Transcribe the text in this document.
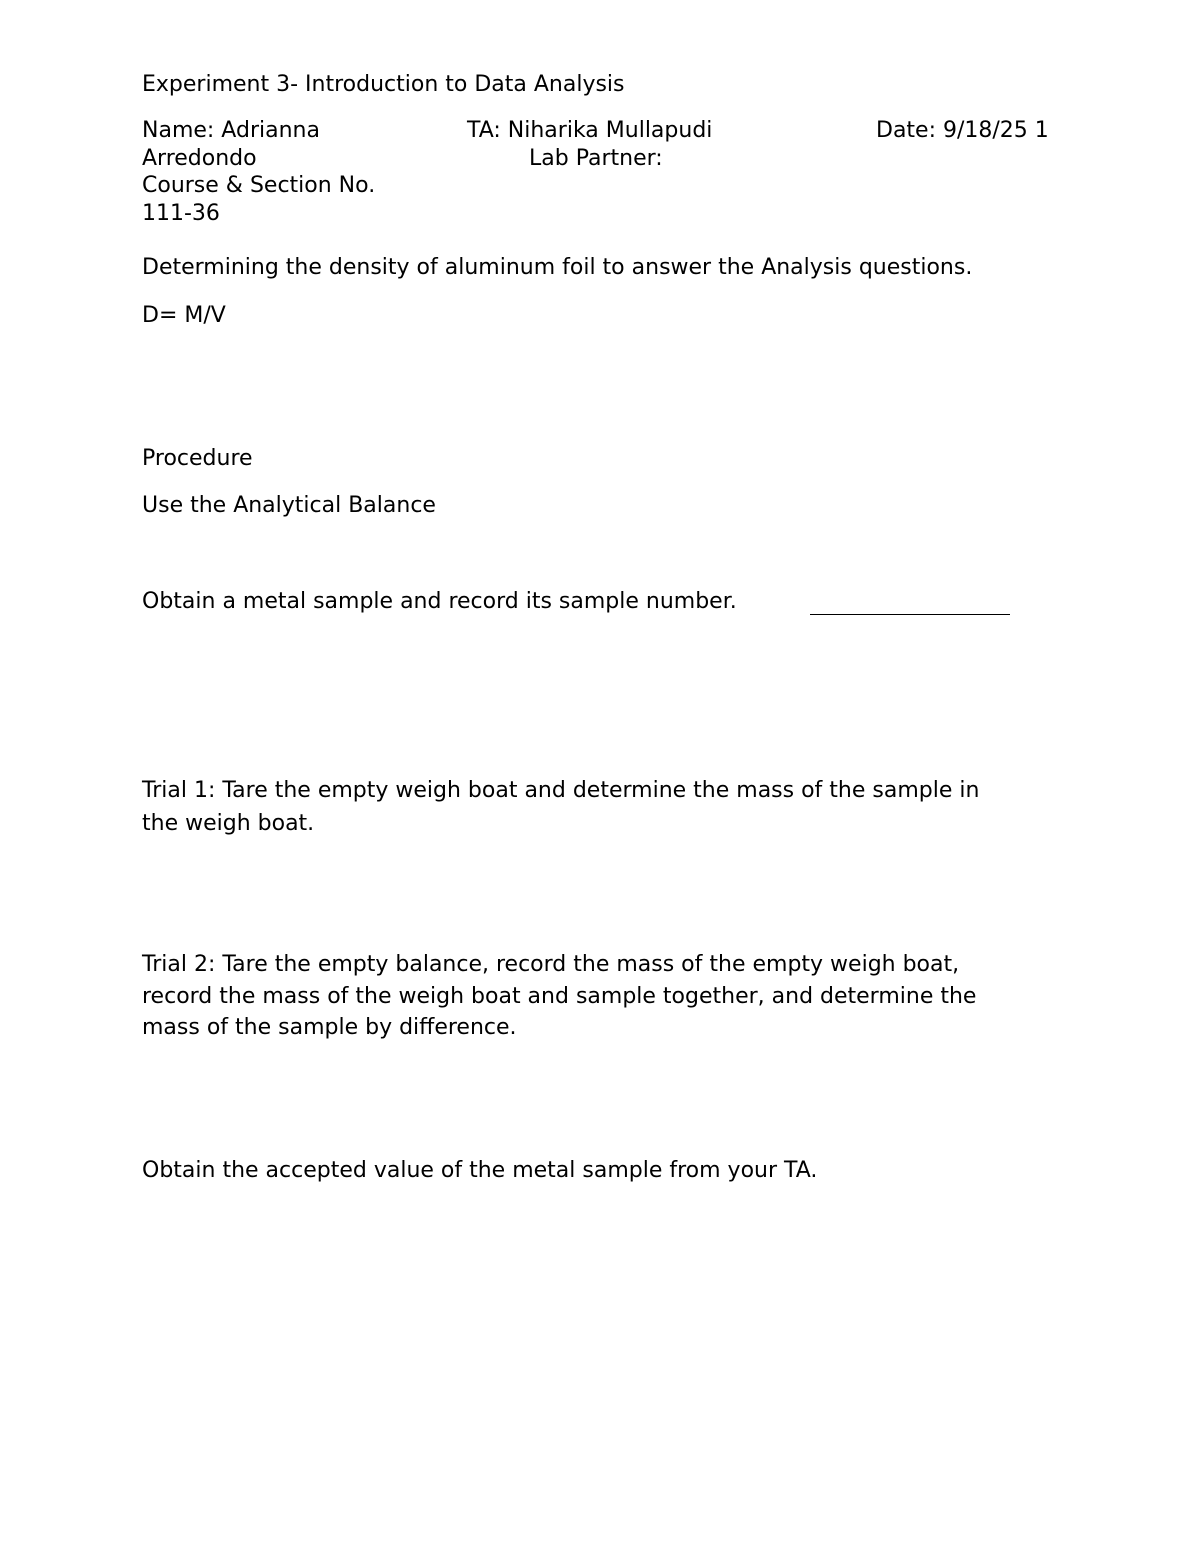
Experiment 3- Introduction to Data Analysis

Name: Adrianna

Arredondo

Course & Section No.

111-36

TA: Niharika Mullapudi

Lab Partner:

Date: 9/18/25 1

Determining the density of aluminum foil to answer the Analysis questions.

D= M/V

Procedure

Use the Analytical Balance

Obtain a metal sample and record its sample number.

Trial 1: Tare the empty weigh boat and determine the mass of the sample in

the weigh boat.

Trial 2: Tare the empty balance, record the mass of the empty weigh boat,

record the mass of the weigh boat and sample together, and determine the

mass of the sample by difference.

Obtain the accepted value of the metal sample from your TA.
